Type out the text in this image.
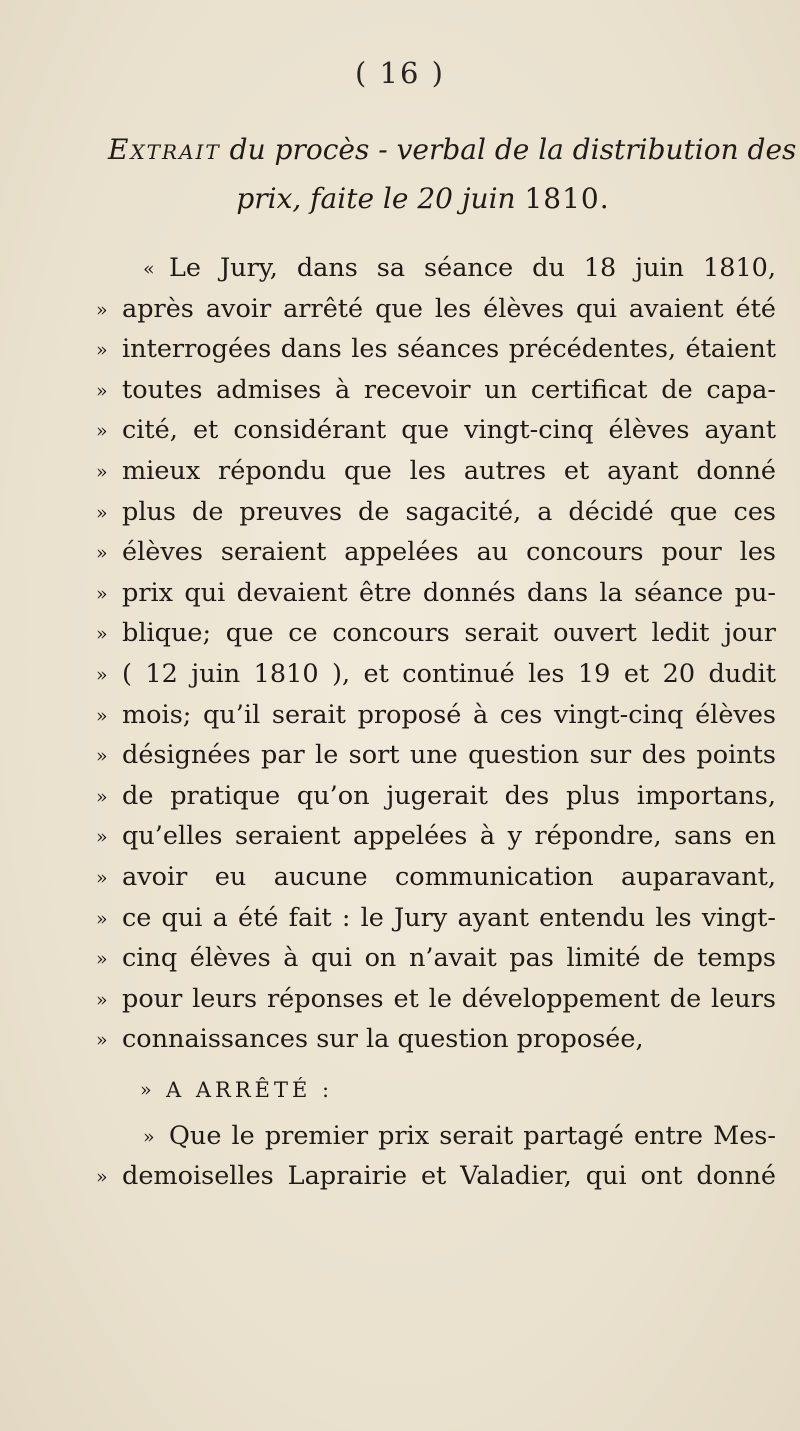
( 16 )
Extrait du procès - verbal de la distribution des
prix, faite le 20 juin 1810.
« Le Jury, dans sa séance du 18 juin 1810,
» après avoir arrêté que les élèves qui avaient été
» interrogées dans les séances précédentes, étaient
» toutes admises à recevoir un certificat de capa-
» cité, et considérant que vingt-cinq élèves ayant
» mieux répondu que les autres et ayant donné
» plus de preuves de sagacité, a décidé que ces
» élèves seraient appelées au concours pour les
» prix qui devaient être donnés dans la séance pu-
» blique; que ce concours serait ouvert ledit jour
» ( 12 juin 1810 ), et continué les 19 et 20 dudit
» mois; qu’il serait proposé à ces vingt-cinq élèves
» désignées par le sort une question sur des points
» de pratique qu’on jugerait des plus importans,
» qu’elles seraient appelées à y répondre, sans en
» avoir eu aucune communication auparavant,
» ce qui a été fait : le Jury ayant entendu les vingt-
» cinq élèves à qui on n’avait pas limité de temps
» pour leurs réponses et le développement de leurs
» connaissances sur la question proposée,
» A ARRÊTÉ :
» Que le premier prix serait partagé entre Mes-
» demoiselles Laprairie et Valadier, qui ont donné
